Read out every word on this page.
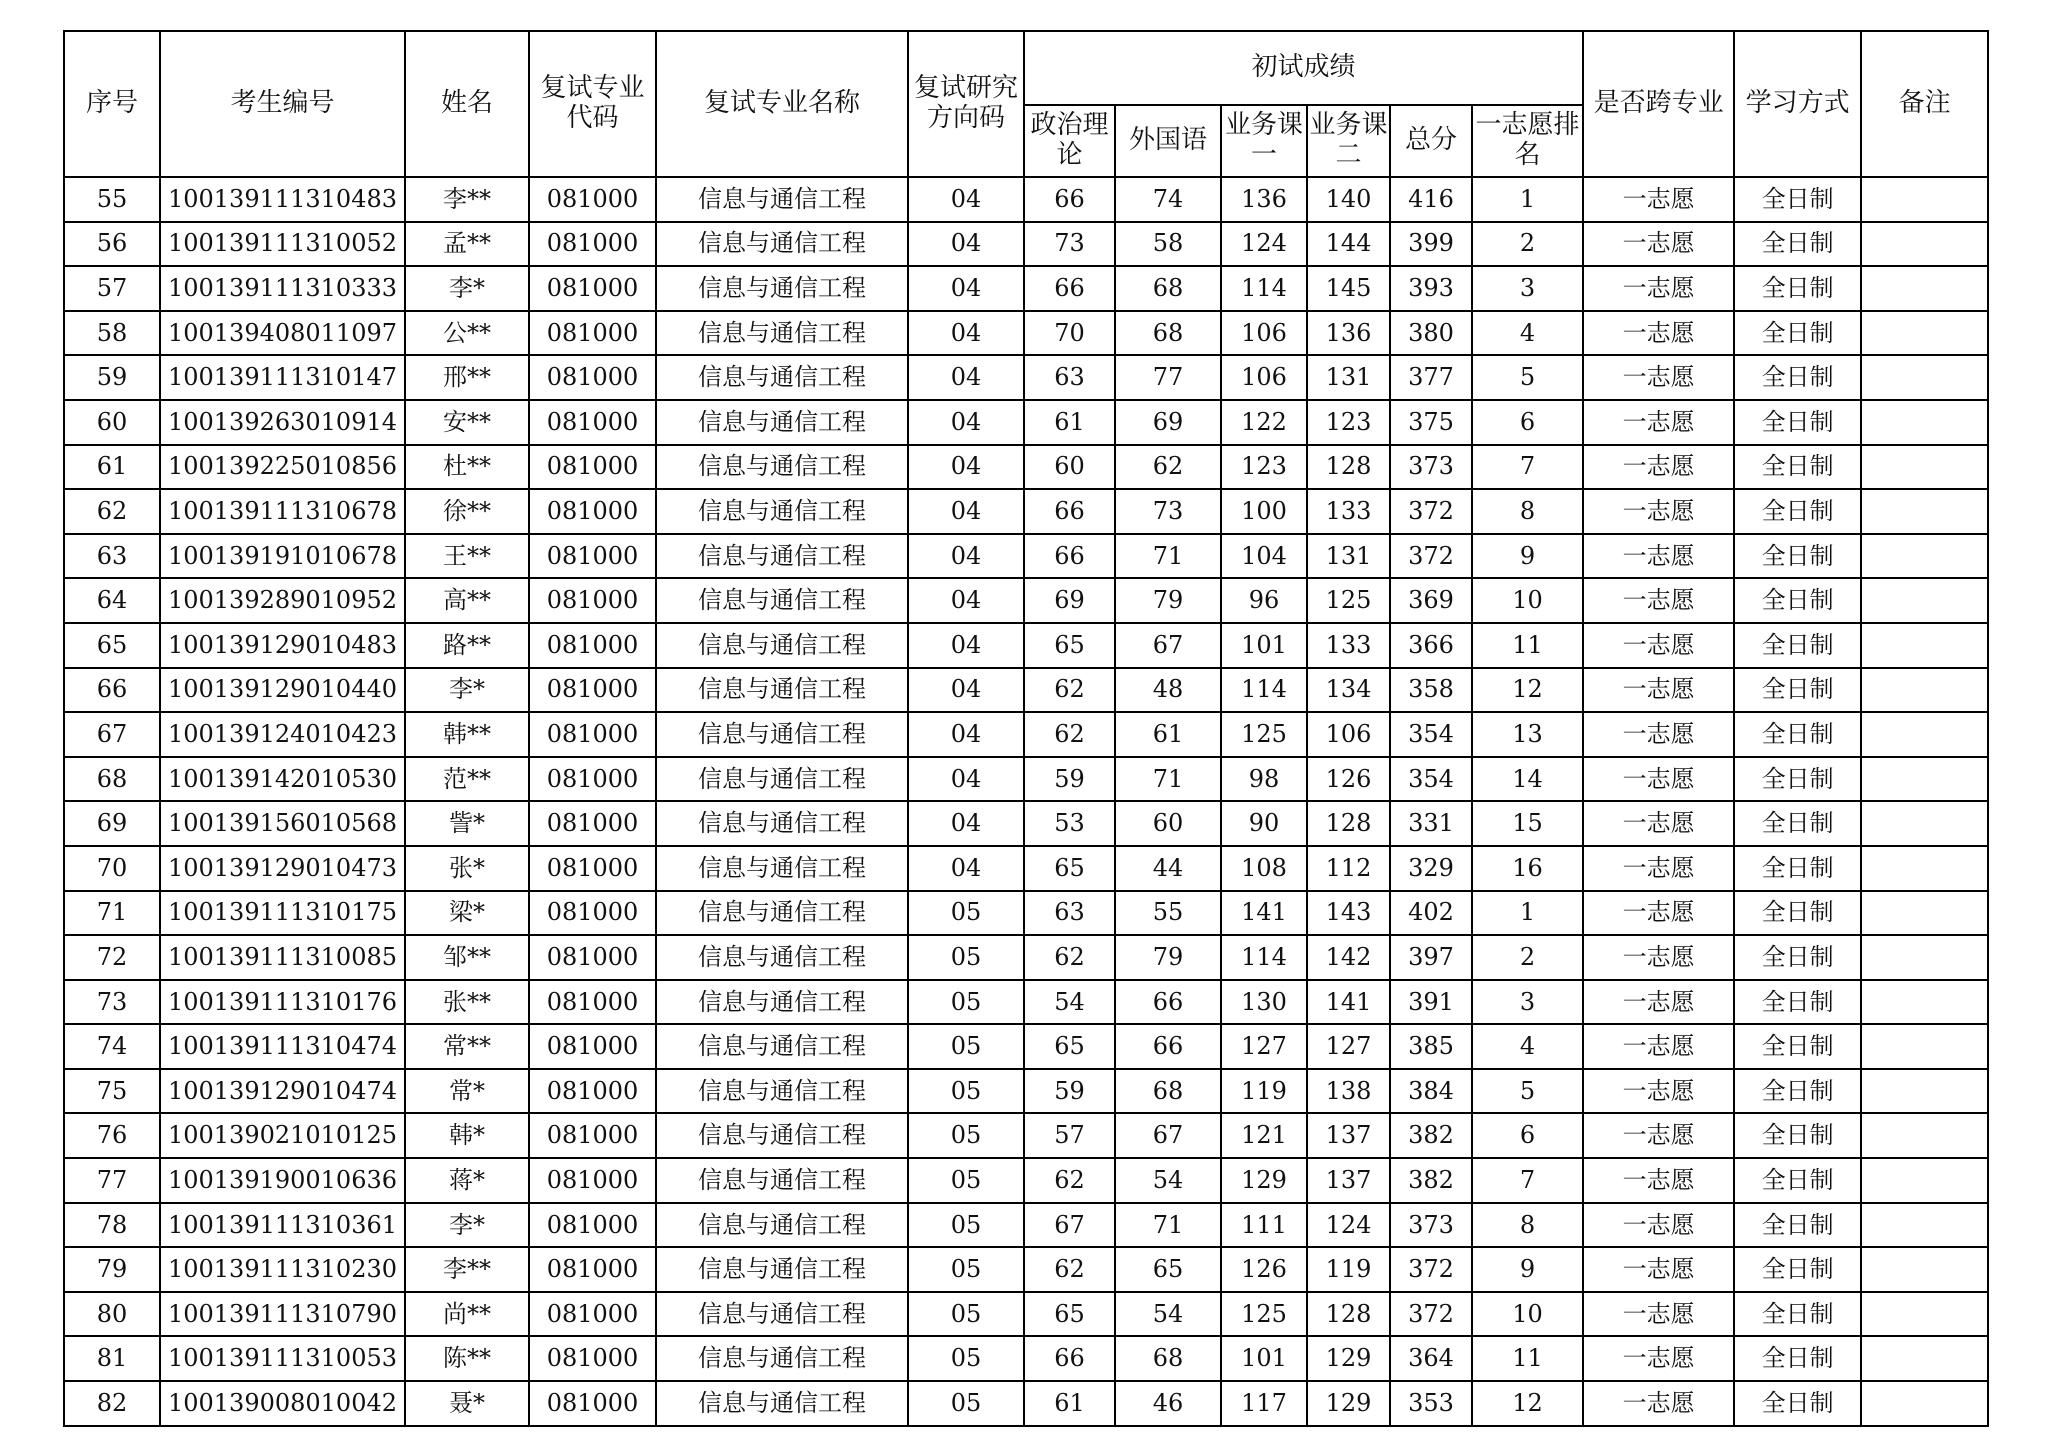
序号	考生编号	姓名	复试专业代码	复试专业名称	复试研究方向码	初试成绩						是否跨专业	学习方式	备注
						政治理论	外国语	业务课一	业务课二	总分	一志愿排名			
55	100139111310483	李**	081000	信息与通信工程	04	66	74	136	140	416	1	一志愿	全日制	
56	100139111310052	孟**	081000	信息与通信工程	04	73	58	124	144	399	2	一志愿	全日制	
57	100139111310333	李*	081000	信息与通信工程	04	66	68	114	145	393	3	一志愿	全日制	
58	100139408011097	公**	081000	信息与通信工程	04	70	68	106	136	380	4	一志愿	全日制	
59	100139111310147	邢**	081000	信息与通信工程	04	63	77	106	131	377	5	一志愿	全日制	
60	100139263010914	安**	081000	信息与通信工程	04	61	69	122	123	375	6	一志愿	全日制	
61	100139225010856	杜**	081000	信息与通信工程	04	60	62	123	128	373	7	一志愿	全日制	
62	100139111310678	徐**	081000	信息与通信工程	04	66	73	100	133	372	8	一志愿	全日制	
63	100139191010678	王**	081000	信息与通信工程	04	66	71	104	131	372	9	一志愿	全日制	
64	100139289010952	高**	081000	信息与通信工程	04	69	79	96	125	369	10	一志愿	全日制	
65	100139129010483	路**	081000	信息与通信工程	04	65	67	101	133	366	11	一志愿	全日制	
66	100139129010440	李*	081000	信息与通信工程	04	62	48	114	134	358	12	一志愿	全日制	
67	100139124010423	韩**	081000	信息与通信工程	04	62	61	125	106	354	13	一志愿	全日制	
68	100139142010530	范**	081000	信息与通信工程	04	59	71	98	126	354	14	一志愿	全日制	
69	100139156010568	訾*	081000	信息与通信工程	04	53	60	90	128	331	15	一志愿	全日制	
70	100139129010473	张*	081000	信息与通信工程	04	65	44	108	112	329	16	一志愿	全日制	
71	100139111310175	梁*	081000	信息与通信工程	05	63	55	141	143	402	1	一志愿	全日制	
72	100139111310085	邹**	081000	信息与通信工程	05	62	79	114	142	397	2	一志愿	全日制	
73	100139111310176	张**	081000	信息与通信工程	05	54	66	130	141	391	3	一志愿	全日制	
74	100139111310474	常**	081000	信息与通信工程	05	65	66	127	127	385	4	一志愿	全日制	
75	100139129010474	常*	081000	信息与通信工程	05	59	68	119	138	384	5	一志愿	全日制	
76	100139021010125	韩*	081000	信息与通信工程	05	57	67	121	137	382	6	一志愿	全日制	
77	100139190010636	蒋*	081000	信息与通信工程	05	62	54	129	137	382	7	一志愿	全日制	
78	100139111310361	李*	081000	信息与通信工程	05	67	71	111	124	373	8	一志愿	全日制	
79	100139111310230	李**	081000	信息与通信工程	05	62	65	126	119	372	9	一志愿	全日制	
80	100139111310790	尚**	081000	信息与通信工程	05	65	54	125	128	372	10	一志愿	全日制	
81	100139111310053	陈**	081000	信息与通信工程	05	66	68	101	129	364	11	一志愿	全日制	
82	100139008010042	聂*	081000	信息与通信工程	05	61	46	117	129	353	12	一志愿	全日制	
